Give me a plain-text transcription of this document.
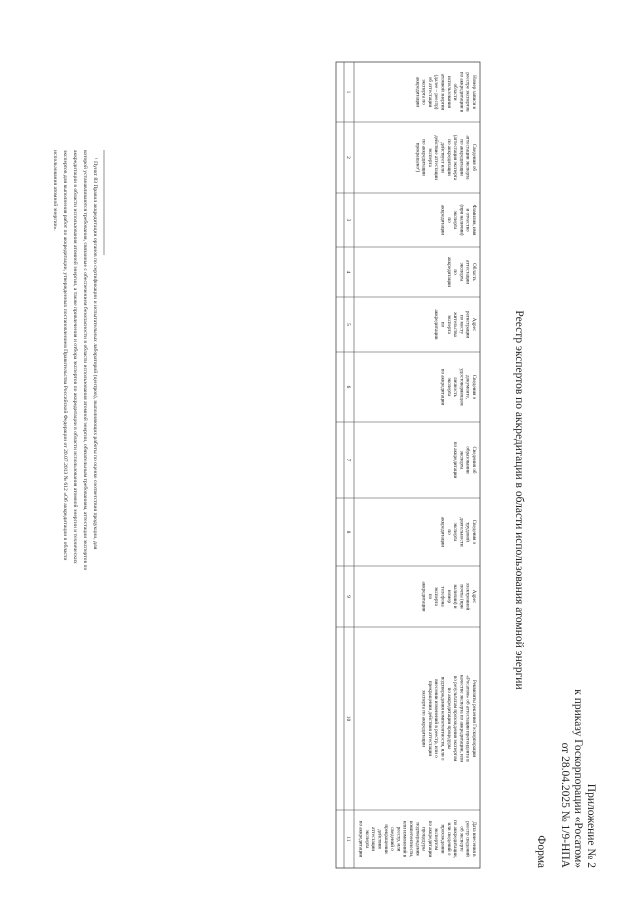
Приложение № 2
к приказу Госкорпорации «Росатом»
от 28.04.2025 № 1/9-НПА
Форма
Реестр экспертов по аккредитации в области использования атомной энергии
Номер записи в
реестре экспертов
по аккредитации в
области
использования
атомной энергии
(далее – реестр)
об аттестации
эксперта по
аккредитации
1
Сведения об
аттестации эксперта
по аккредитации
(аттестация эксперта
по аккредитации
действует или
действие аттестации
эксперта
по аккредитации
прекращено¹)
2
Фамилия, имя
и отчество
(при наличии)
эксперта
по
аккредитации
3
Область
аттестации
эксперта
по
аккредитации
4
Адрес
регистрации
по месту
жительства
эксперта
по
аккредитации
5
Сведения о
документе,
удостоверяющем
личность
эксперта
по аккредитации
6
Сведения об
образовании
эксперта
по аккредитации
7
Сведения о
трудовой
деятельности
эксперта
по
аккредитации
8
Адрес
электронной
почты (при
наличии) и
номер
телефона
эксперта
по
аккредитации
9
Реквизиты решения Госкорпорации
«Росатом» об аттестации претендента в
качестве эксперта по аккредитации, или
по результатам прохождения экспертом
по аккредитации процедуры
подтверждения компетентности, или о
внесении изменений в реестр, или о
прекращении действия аттестации
эксперта по аккредитации
10
Дата внесения в
реестр сведений
об эксперте
по аккредитации,
или сведений о
прохождении
экспертом
по аккредитации
процедуры
подтверждения
компетентности,
или изменений в
реестр, или
сведений о
прекращении
действия
аттестации
эксперта
по аккредитации
11
¹ Пункт 83 Правил аккредитации органов по сертификации и испытательных лабораторий (центров), выполняющих работы по оценке соответствия продукции, для
которой устанавливаются требования, связанные с обеспечением безопасности в области использования атомной энергии, обязательным требованиям, аттестации экспертов по
аккредитации в области использования атомной энергии, а также привлечения и отбора экспертов по аккредитации в области использования атомной энергии и технических
экспертов для выполнения работ по аккредитации, утвержденных постановлением Правительства Российской Федерации от 20.07.2013 № 612 «Об аккредитации в области
использования атомной энергии».
